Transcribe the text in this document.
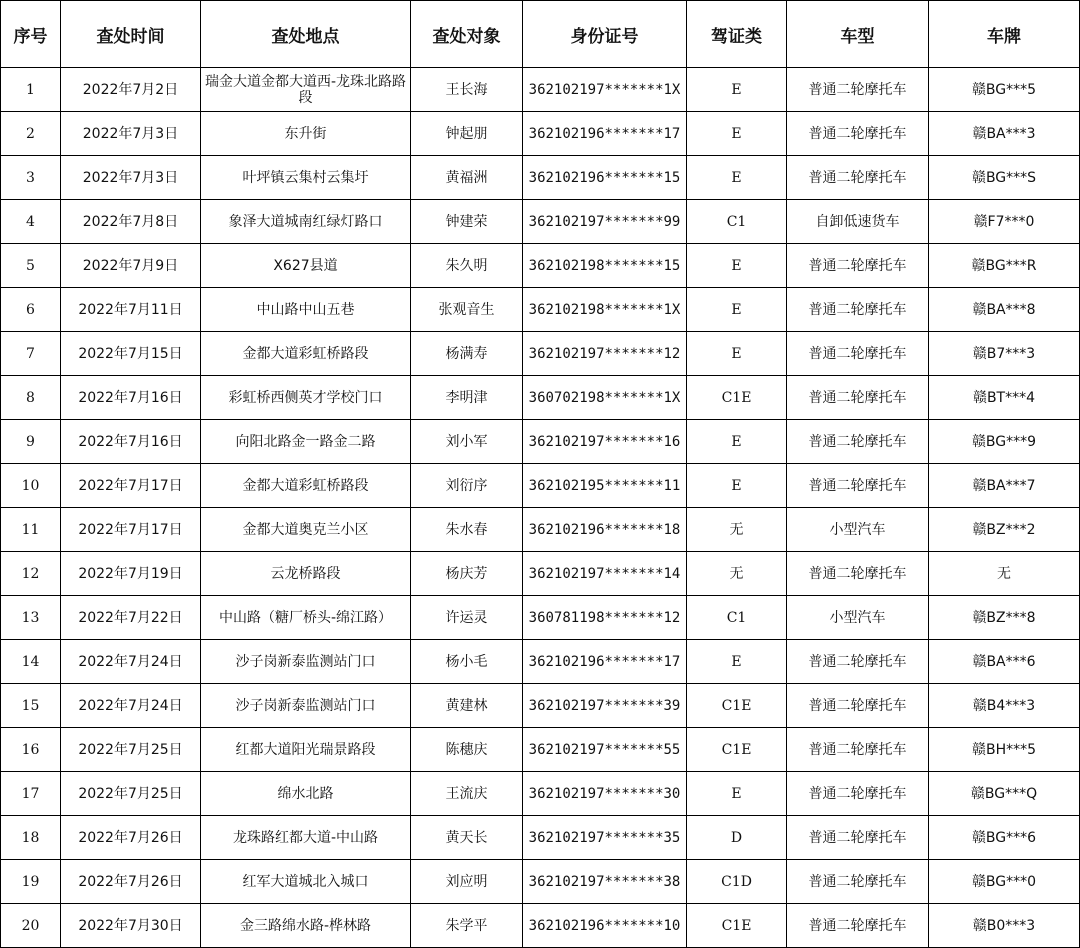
序号	查处时间	查处地点	查处对象	身份证号	驾证类	车型	车牌
1	2022年7月2日	瑞金大道金都大道西-龙珠北路路段	王长海	362102197*******1X	E	普通二轮摩托车	赣BG***5
2	2022年7月3日	东升街	钟起朋	362102196*******17	E	普通二轮摩托车	赣BA***3
3	2022年7月3日	叶坪镇云集村云集圩	黄福洲	362102196*******15	E	普通二轮摩托车	赣BG***S
4	2022年7月8日	象泽大道城南红绿灯路口	钟建荣	362102197*******99	C1	自卸低速货车	赣F7***0
5	2022年7月9日	X627县道	朱久明	362102198*******15	E	普通二轮摩托车	赣BG***R
6	2022年7月11日	中山路中山五巷	张观音生	362102198*******1X	E	普通二轮摩托车	赣BA***8
7	2022年7月15日	金都大道彩虹桥路段	杨满寿	362102197*******12	E	普通二轮摩托车	赣B7***3
8	2022年7月16日	彩虹桥西侧英才学校门口	李明津	360702198*******1X	C1E	普通二轮摩托车	赣BT***4
9	2022年7月16日	向阳北路金一路金二路	刘小军	362102197*******16	E	普通二轮摩托车	赣BG***9
10	2022年7月17日	金都大道彩虹桥路段	刘衍序	362102195*******11	E	普通二轮摩托车	赣BA***7
11	2022年7月17日	金都大道奥克兰小区	朱水春	362102196*******18	无	小型汽车	赣BZ***2
12	2022年7月19日	云龙桥路段	杨庆芳	362102197*******14	无	普通二轮摩托车	无
13	2022年7月22日	中山路（糖厂桥头-绵江路）	许运灵	360781198*******12	C1	小型汽车	赣BZ***8
14	2022年7月24日	沙子岗新泰监测站门口	杨小毛	362102196*******17	E	普通二轮摩托车	赣BA***6
15	2022年7月24日	沙子岗新泰监测站门口	黄建林	362102197*******39	C1E	普通二轮摩托车	赣B4***3
16	2022年7月25日	红都大道阳光瑞景路段	陈穗庆	362102197*******55	C1E	普通二轮摩托车	赣BH***5
17	2022年7月25日	绵水北路	王流庆	362102197*******30	E	普通二轮摩托车	赣BG***Q
18	2022年7月26日	龙珠路红都大道-中山路	黄天长	362102197*******35	D	普通二轮摩托车	赣BG***6
19	2022年7月26日	红军大道城北入城口	刘应明	362102197*******38	C1D	普通二轮摩托车	赣BG***0
20	2022年7月30日	金三路绵水路-桦林路	朱学平	362102196*******10	C1E	普通二轮摩托车	赣B0***3
